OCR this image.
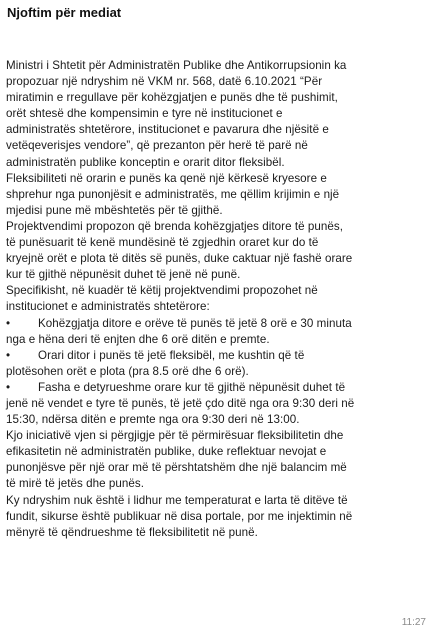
Njoftim për mediat
Ministri i Shtetit për Administratën Publike dhe Antikorrupsionin ka
propozuar një ndryshim në VKM nr. 568, datë 6.10.2021 “Për
miratimin e rregullave për kohëzgjatjen e punës dhe të pushimit,
orët shtesë dhe kompensimin e tyre në institucionet e
administratës shtetërore, institucionet e pavarura dhe njësitë e
vetëqeverisjes vendore”, që prezanton për herë të parë në
administratën publike konceptin e orarit ditor fleksibël.
Fleksibiliteti në orarin e punës ka qenë një kërkesë kryesore e
shprehur nga punonjësit e administratës, me qëllim krijimin e një
mjedisi pune më mbështetës për të gjithë.
Projektvendimi propozon që brenda kohëzgjatjes ditore të punës,
të punësuarit të kenë mundësinë të zgjedhin oraret kur do të
kryejnë orët e plota të ditës së punës, duke caktuar një fashë orare
kur të gjithë nëpunësit duhet të jenë në punë.
Specifikisht, në kuadër të këtij projektvendimi propozohet në
institucionet e administratës shtetërore:
• Kohëzgjatja ditore e orëve të punës të jetë 8 orë e 30 minuta
nga e hëna deri të enjten dhe 6 orë ditën e premte.
• Orari ditor i punës të jetë fleksibël, me kushtin që të
plotësohen orët e plota (pra 8.5 orë dhe 6 orë).
• Fasha e detyrueshme orare kur të gjithë nëpunësit duhet të
jenë në vendet e tyre të punës, të jetë çdo ditë nga ora 9:30 deri në
15:30, ndërsa ditën e premte nga ora 9:30 deri në 13:00.
Kjo iniciativë vjen si përgjigje për të përmirësuar fleksibilitetin dhe
efikasitetin në administratën publike, duke reflektuar nevojat e
punonjësve për një orar më të përshtatshëm dhe një balancim më
të mirë të jetës dhe punës.
Ky ndryshim nuk është i lidhur me temperaturat e larta të ditëve të
fundit, sikurse është publikuar në disa portale, por me injektimin në
mënyrë të qëndrueshme të fleksibilitetit në punë.
11:27
